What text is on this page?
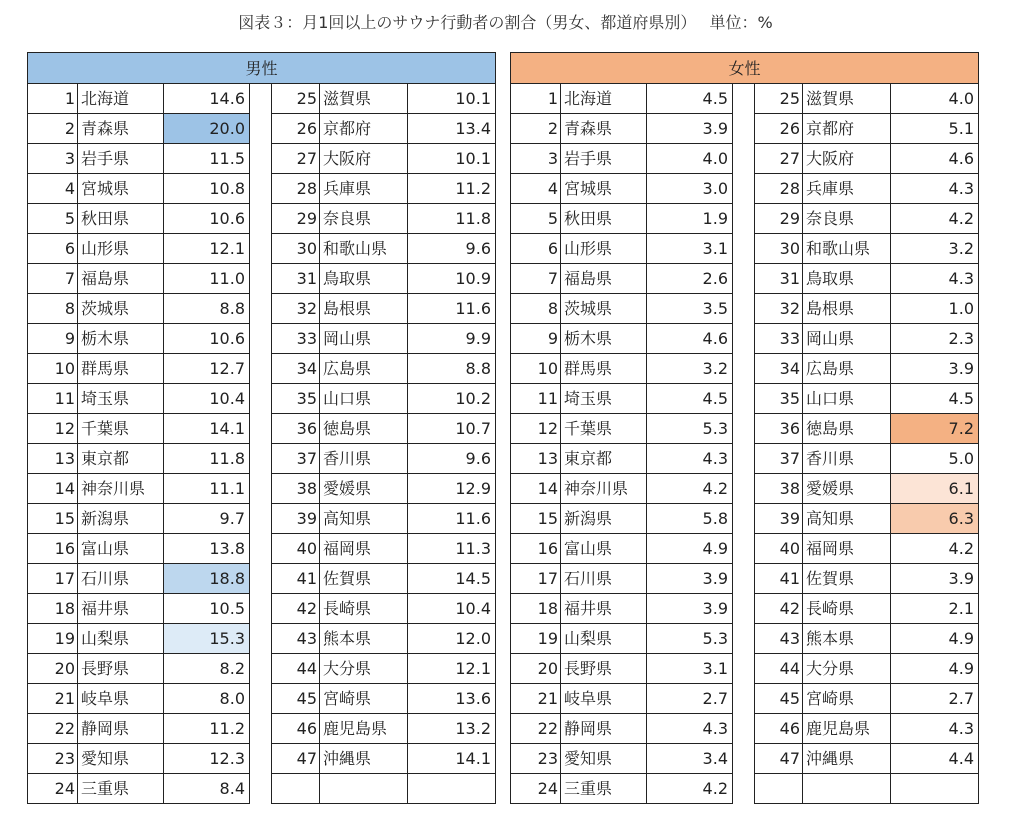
図表３：月1回以上のサウナ行動者の割合（男女、都道府県別）　 単位：%
男性						
1	北海道	14.6		25	滋賀県	10.1
2	青森県	20.0		26	京都府	13.4
3	岩手県	11.5		27	大阪府	10.1
4	宮城県	10.8		28	兵庫県	11.2
5	秋田県	10.6		29	奈良県	11.8
6	山形県	12.1		30	和歌山県	9.6
7	福島県	11.0		31	鳥取県	10.9
8	茨城県	8.8		32	島根県	11.6
9	栃木県	10.6		33	岡山県	9.9
10	群馬県	12.7		34	広島県	8.8
11	埼玉県	10.4		35	山口県	10.2
12	千葉県	14.1		36	徳島県	10.7
13	東京都	11.8		37	香川県	9.6
14	神奈川県	11.1		38	愛媛県	12.9
15	新潟県	9.7		39	高知県	11.6
16	富山県	13.8		40	福岡県	11.3
17	石川県	18.8		41	佐賀県	14.5
18	福井県	10.5		42	長崎県	10.4
19	山梨県	15.3		43	熊本県	12.0
20	長野県	8.2		44	大分県	12.1
21	岐阜県	8.0		45	宮崎県	13.6
22	静岡県	11.2		46	鹿児島県	13.2
23	愛知県	12.3		47	沖縄県	14.1
24	三重県	8.4				
女性						
1	北海道	4.5		25	滋賀県	4.0
2	青森県	3.9		26	京都府	5.1
3	岩手県	4.0		27	大阪府	4.6
4	宮城県	3.0		28	兵庫県	4.3
5	秋田県	1.9		29	奈良県	4.2
6	山形県	3.1		30	和歌山県	3.2
7	福島県	2.6		31	鳥取県	4.3
8	茨城県	3.5		32	島根県	1.0
9	栃木県	4.6		33	岡山県	2.3
10	群馬県	3.2		34	広島県	3.9
11	埼玉県	4.5		35	山口県	4.5
12	千葉県	5.3		36	徳島県	7.2
13	東京都	4.3		37	香川県	5.0
14	神奈川県	4.2		38	愛媛県	6.1
15	新潟県	5.8		39	高知県	6.3
16	富山県	4.9		40	福岡県	4.2
17	石川県	3.9		41	佐賀県	3.9
18	福井県	3.9		42	長崎県	2.1
19	山梨県	5.3		43	熊本県	4.9
20	長野県	3.1		44	大分県	4.9
21	岐阜県	2.7		45	宮崎県	2.7
22	静岡県	4.3		46	鹿児島県	4.3
23	愛知県	3.4		47	沖縄県	4.4
24	三重県	4.2				
